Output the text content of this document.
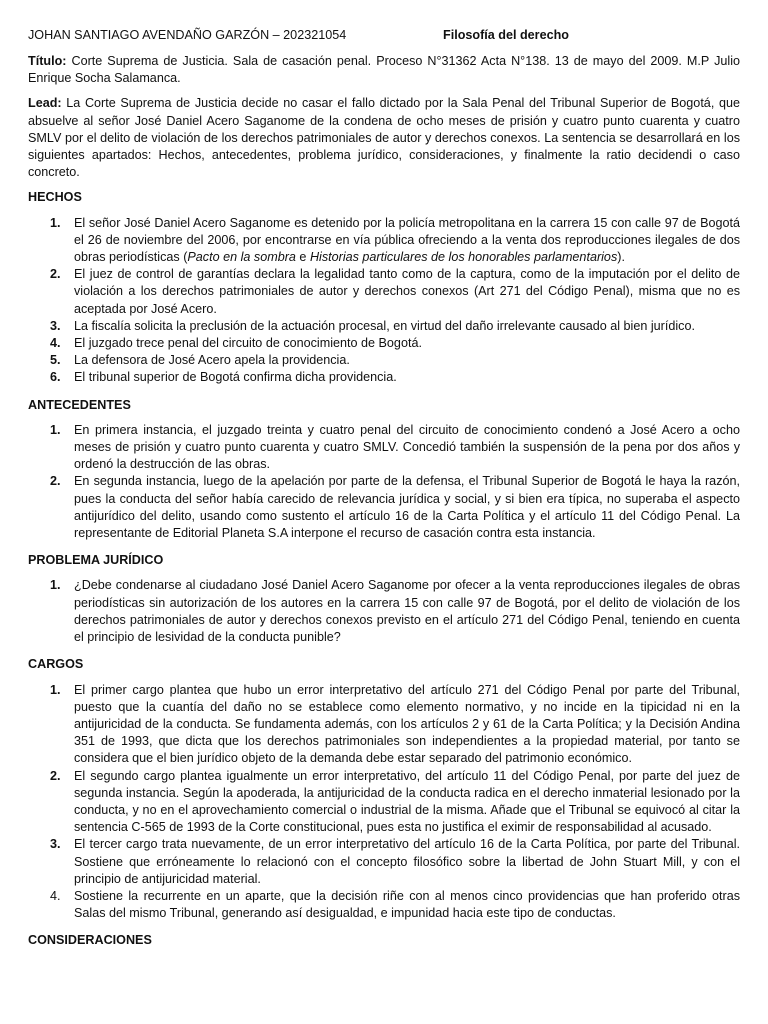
JOHAN SANTIAGO AVENDAÑO GARZÓN – 202321054	Filosofía del derecho

Título: Corte Suprema de Justicia. Sala de casación penal. Proceso N°31362 Acta N°138. 13 de mayo del 2009. M.P Julio Enrique Socha Salamanca.

Lead: La Corte Suprema de Justicia decide no casar el fallo dictado por la Sala Penal del Tribunal Superior de Bogotá, que absuelve al señor José Daniel Acero Saganome de la condena de ocho meses de prisión y cuatro punto cuarenta y cuatro SMLV por el delito de violación de los derechos patrimoniales de autor y derechos conexos. La sentencia se desarrollará en los siguientes apartados: Hechos, antecedentes, problema jurídico, consideraciones, y finalmente la ratio decidendi o caso concreto.

HECHOS
1. El señor José Daniel Acero Saganome es detenido por la policía metropolitana en la carrera 15 con calle 97 de Bogotá el 26 de noviembre del 2006, por encontrarse en vía pública ofreciendo a la venta dos reproducciones ilegales de dos obras periodísticas (Pacto en la sombra e Historias particulares de los honorables parlamentarios).
2. El juez de control de garantías declara la legalidad tanto como de la captura, como de la imputación por el delito de violación a los derechos patrimoniales de autor y derechos conexos (Art 271 del Código Penal), misma que no es aceptada por José Acero.
3. La fiscalía solicita la preclusión de la actuación procesal, en virtud del daño irrelevante causado al bien jurídico.
4. El juzgado trece penal del circuito de conocimiento de Bogotá.
5. La defensora de José Acero apela la providencia.
6. El tribunal superior de Bogotá confirma dicha providencia.
ANTECEDENTES
1. En primera instancia, el juzgado treinta y cuatro penal del circuito de conocimiento condenó a José Acero a ocho meses de prisión y cuatro punto cuarenta y cuatro SMLV. Concedió también la suspensión de la pena por dos años y ordenó la destrucción de las obras.
2. En segunda instancia, luego de la apelación por parte de la defensa, el Tribunal Superior de Bogotá le haya la razón, pues la conducta del señor había carecido de relevancia jurídica y social, y si bien era típica, no superaba el aspecto antijurídico del delito, usando como sustento el artículo 16 de la Carta Política y el artículo 11 del Código Penal. La representante de Editorial Planeta S.A interpone el recurso de casación contra esta instancia.
PROBLEMA JURÍDICO
1. ¿Debe condenarse al ciudadano José Daniel Acero Saganome por ofecer a la venta reproducciones ilegales de obras periodísticas sin autorización de los autores en la carrera 15 con calle 97 de Bogotá, por el delito de violación de los derechos patrimoniales de autor y derechos conexos previsto en el artículo 271 del Código Penal, teniendo en cuenta el principio de lesividad de la conducta punible?
CARGOS
1. El primer cargo plantea que hubo un error interpretativo del artículo 271 del Código Penal por parte del Tribunal, puesto que la cuantía del daño no se establece como elemento normativo, y no incide en la tipicidad ni en la antijuricidad de la conducta. Se fundamenta además, con los artículos 2 y 61 de la Carta Política; y la Decisión Andina 351 de 1993, que dicta que los derechos patrimoniales son independientes a la propiedad material, por tanto se considera que el bien jurídico objeto de la demanda debe estar separado del patrimonio económico.
2. El segundo cargo plantea igualmente un error interpretativo, del artículo 11 del Código Penal, por parte del juez de segunda instancia. Según la apoderada, la antijuricidad de la conducta radica en el derecho inmaterial lesionado por la conducta, y no en el aprovechamiento comercial o industrial de la misma. Añade que el Tribunal se equivocó al citar la sentencia C-565 de 1993 de la Corte constitucional, pues esta no justifica el eximir de responsabilidad al acusado.
3. El tercer cargo trata nuevamente, de un error interpretativo del artículo 16 de la Carta Política, por parte del Tribunal. Sostiene que erróneamente lo relacionó con el concepto filosófico sobre la libertad de John Stuart Mill, y con el principio de antijuricidad material.
4. Sostiene la recurrente en un aparte, que la decisión riñe con al menos cinco providencias que han proferido otras Salas del mismo Tribunal, generando así desigualdad, e impunidad hacia este tipo de conductas.
CONSIDERACIONES
